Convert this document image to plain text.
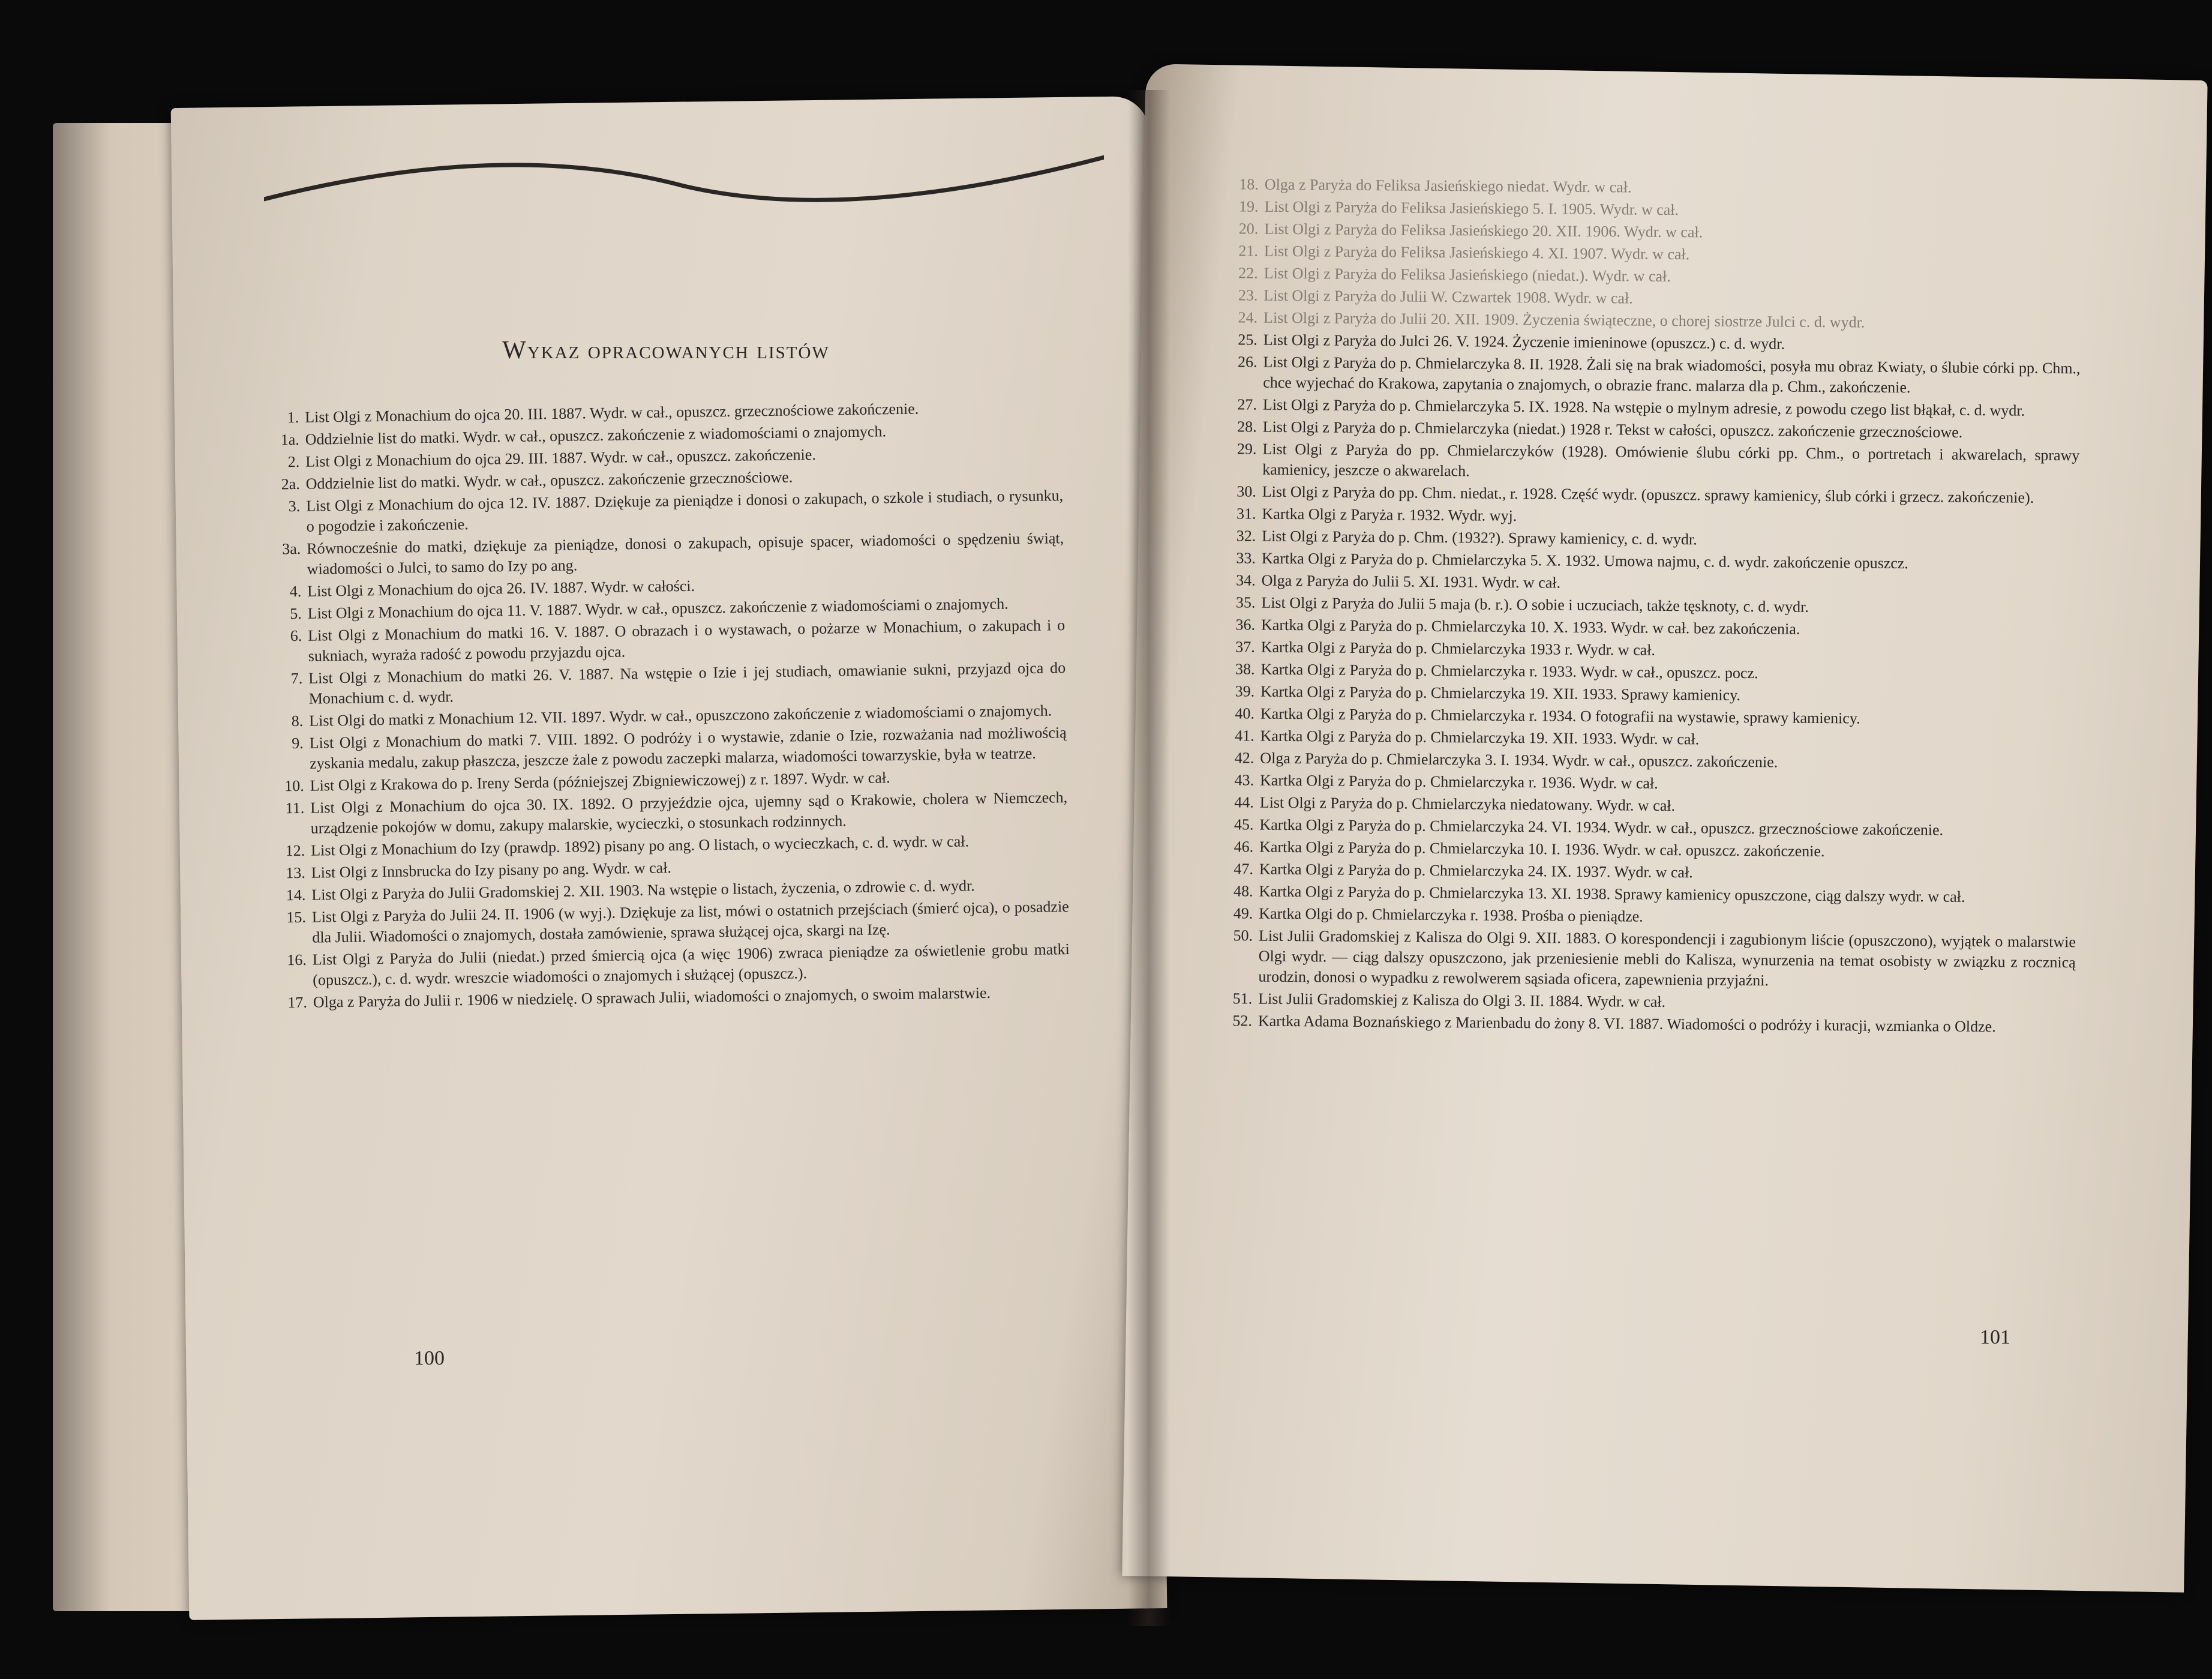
Wykaz opracowanych listów
1. List Olgi z Monachium do ojca 20. III. 1887. Wydr. w cał., opuszcz. grzecznościowe zakończenie.
1a. Oddzielnie list do matki. Wydr. w cał., opuszcz. zakończenie z wiadomościami o znajomych.
2. List Olgi z Monachium do ojca 29. III. 1887. Wydr. w cał., opuszcz. zakończenie.
2a. Oddzielnie list do matki. Wydr. w cał., opuszcz. zakończenie grzecznościowe.
3. List Olgi z Monachium do ojca 12. IV. 1887. Dziękuje za pieniądze i donosi o zakupach, o szkole i studiach, o rysunku, o pogodzie i zakończenie.
3a. Równocześnie do matki, dziękuje za pieniądze, donosi o zakupach, opisuje spacer, wiadomości o spędzeniu świąt, wiadomości o Julci, to samo do Izy po ang.
4. List Olgi z Monachium do ojca 26. IV. 1887. Wydr. w całości.
5. List Olgi z Monachium do ojca 11. V. 1887. Wydr. w cał., opuszcz. zakończenie z wiadomościami o znajomych.
6. List Olgi z Monachium do matki 16. V. 1887. O obrazach i o wystawach, o pożarze w Monachium, o zakupach i o sukniach, wyraża radość z powodu przyjazdu ojca.
7. List Olgi z Monachium do matki 26. V. 1887. Na wstępie o Izie i jej studiach, omawianie sukni, przyjazd ojca do Monachium c. d. wydr.
8. List Olgi do matki z Monachium 12. VII. 1897. Wydr. w cał., opuszczono zakończenie z wiadomościami o znajomych.
9. List Olgi z Monachium do matki 7. VIII. 1892. O podróży i o wystawie, zdanie o Izie, rozważania nad możliwością zyskania medalu, zakup płaszcza, jeszcze żale z powodu zaczepki malarza, wiadomości towarzyskie, była w teatrze.
10. List Olgi z Krakowa do p. Ireny Serda (późniejszej Zbigniewiczowej) z r. 1897. Wydr. w cał.
11. List Olgi z Monachium do ojca 30. IX. 1892. O przyjeździe ojca, ujemny sąd o Krakowie, cholera w Niemczech, urządzenie pokojów w domu, zakupy malarskie, wycieczki, o stosunkach rodzinnych.
12. List Olgi z Monachium do Izy (prawdp. 1892) pisany po ang. O listach, o wycieczkach, c. d. wydr. w cał.
13. List Olgi z Innsbrucka do Izy pisany po ang. Wydr. w cał.
14. List Olgi z Paryża do Julii Gradomskiej 2. XII. 1903. Na wstępie o listach, życzenia, o zdrowie c. d. wydr.
15. List Olgi z Paryża do Julii 24. II. 1906 (w wyj.). Dziękuje za list, mówi o ostatnich przejściach (śmierć ojca), o posadzie dla Julii. Wiadomości o znajomych, dostała zamówienie, sprawa służącej ojca, skargi na Izę.
16. List Olgi z Paryża do Julii (niedat.) przed śmiercią ojca (a więc 1906) zwraca pieniądze za oświetlenie grobu matki (opuszcz.), c. d. wydr. wreszcie wiadomości o znajomych i służącej (opuszcz.).
17. Olga z Paryża do Julii r. 1906 w niedzielę. O sprawach Julii, wiadomości o znajomych, o swoim malarstwie.
18. Olga z Paryża do Feliksa Jasieńskiego niedat. Wydr. w cał.
19. List Olgi z Paryża do Feliksa Jasieńskiego 5. I. 1905. Wydr. w cał.
20. List Olgi z Paryża do Feliksa Jasieńskiego 20. XII. 1906. Wydr. w cał.
21. List Olgi z Paryża do Feliksa Jasieńskiego 4. XI. 1907. Wydr. w cał.
22. List Olgi z Paryża do Feliksa Jasieńskiego (niedat.). Wydr. w cał.
23. List Olgi z Paryża do Julii W. Czwartek 1908. Wydr. w cał.
24. List Olgi z Paryża do Julii 20. XII. 1909. Życzenia świąteczne, o chorej siostrze Julci c. d. wydr.
25. List Olgi z Paryża do Julci 26. V. 1924. Życzenie imieninowe (opuszcz.) c. d. wydr.
26. List Olgi z Paryża do p. Chmielarczyka 8. II. 1928. Żali się na brak wiadomości, posyła mu obraz Kwiaty, o ślubie córki pp. Chm., chce wyjechać do Krakowa, zapytania o znajomych, o obrazie franc. malarza dla p. Chm., zakończenie.
27. List Olgi z Paryża do p. Chmielarczyka 5. IX. 1928. Na wstępie o mylnym adresie, z powodu czego list błąkał, c. d. wydr.
28. List Olgi z Paryża do p. Chmielarczyka (niedat.) 1928 r. Tekst w całości, opuszcz. zakończenie grzecznościowe.
29. List Olgi z Paryża do pp. Chmielarczyków (1928). Omówienie ślubu córki pp. Chm., o portretach i akwarelach, sprawy kamienicy, jeszcze o akwarelach.
30. List Olgi z Paryża do pp. Chm. niedat., r. 1928. Część wydr. (opuszcz. sprawy kamienicy, ślub córki i grzecz. zakończenie).
31. Kartka Olgi z Paryża r. 1932. Wydr. wyj.
32. List Olgi z Paryża do p. Chm. (1932?). Sprawy kamienicy, c. d. wydr.
33. Kartka Olgi z Paryża do p. Chmielarczyka 5. X. 1932. Umowa najmu, c. d. wydr. zakończenie opuszcz.
34. Olga z Paryża do Julii 5. XI. 1931. Wydr. w cał.
35. List Olgi z Paryża do Julii 5 maja (b. r.). O sobie i uczuciach, także tęsknoty, c. d. wydr.
36. Kartka Olgi z Paryża do p. Chmielarczyka 10. X. 1933. Wydr. w cał. bez zakończenia.
37. Kartka Olgi z Paryża do p. Chmielarczyka 1933 r. Wydr. w cał.
38. Kartka Olgi z Paryża do p. Chmielarczyka r. 1933. Wydr. w cał., opuszcz. pocz.
39. Kartka Olgi z Paryża do p. Chmielarczyka 19. XII. 1933. Sprawy kamienicy.
40. Kartka Olgi z Paryża do p. Chmielarczyka r. 1934. O fotografii na wystawie, sprawy kamienicy.
41. Kartka Olgi z Paryża do p. Chmielarczyka 19. XII. 1933. Wydr. w cał.
42. Olga z Paryża do p. Chmielarczyka 3. I. 1934. Wydr. w cał., opuszcz. zakończenie.
43. Kartka Olgi z Paryża do p. Chmielarczyka r. 1936. Wydr. w cał.
44. List Olgi z Paryża do p. Chmielarczyka niedatowany. Wydr. w cał.
45. Kartka Olgi z Paryża do p. Chmielarczyka 24. VI. 1934. Wydr. w cał., opuszcz. grzecznościowe zakończenie.
46. Kartka Olgi z Paryża do p. Chmielarczyka 10. I. 1936. Wydr. w cał. opuszcz. zakończenie.
47. Kartka Olgi z Paryża do p. Chmielarczyka 24. IX. 1937. Wydr. w cał.
48. Kartka Olgi z Paryża do p. Chmielarczyka 13. XI. 1938. Sprawy kamienicy opuszczone, ciąg dalszy wydr. w cał.
49. Kartka Olgi do p. Chmielarczyka r. 1938. Prośba o pieniądze.
50. List Julii Gradomskiej z Kalisza do Olgi 9. XII. 1883. O korespondencji i zagubionym liście (opuszczono), wyjątek o malarstwie Olgi wydr. — ciąg dalszy opuszczono, jak przeniesienie mebli do Kalisza, wynurzenia na temat osobisty w związku z rocznicą urodzin, donosi o wypadku z rewolwerem sąsiada oficera, zapewnienia przyjaźni.
51. List Julii Gradomskiej z Kalisza do Olgi 3. II. 1884. Wydr. w cał.
52. Kartka Adama Boznańskiego z Marienbadu do żony 8. VI. 1887. Wiadomości o podróży i kuracji, wzmianka o Oldze.
100
101
